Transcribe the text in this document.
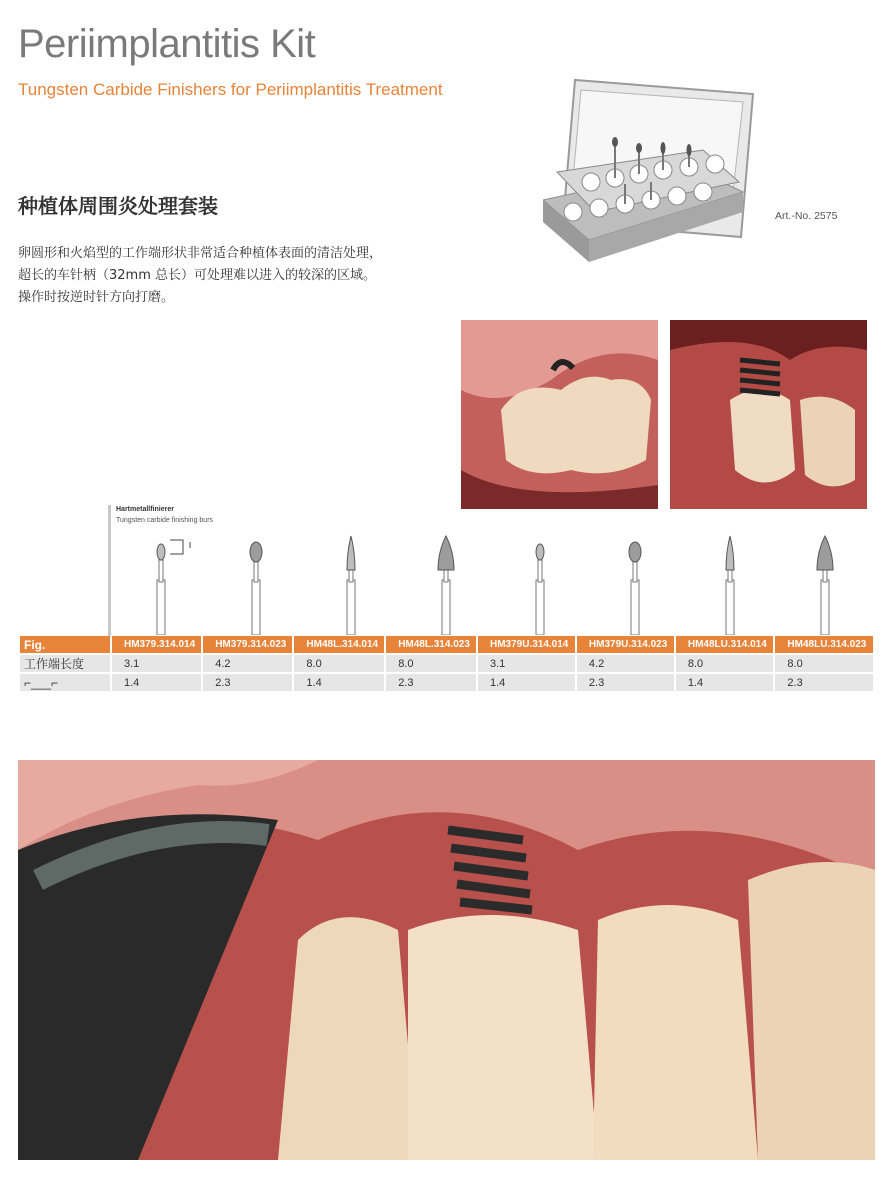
Periimplantitis Kit
Tungsten Carbide Finishers for Periimplantitis Treatment
Art.-No. 2575
种植体周围炎处理套装
卵圆形和火焰型的工作端形状非常适合种植体表面的清洁处理，
超长的车针柄（32mm 总长）可处理难以进入的较深的区域。
操作时按逆时针方向打磨。
Hartmetallfinierer
Tungsten carbide finishing burs
Fig.	HM379.314.014	HM379.314.023	HM48L.314.014	HM48L.314.023	HM379U.314.014	HM379U.314.023	HM48LU.314.014	HM48LU.314.023
工作端长度	3.1	4.2	8.0	8.0	3.1	4.2	8.0	8.0
⌐___⌐	1.4	2.3	1.4	2.3	1.4	2.3	1.4	2.3
